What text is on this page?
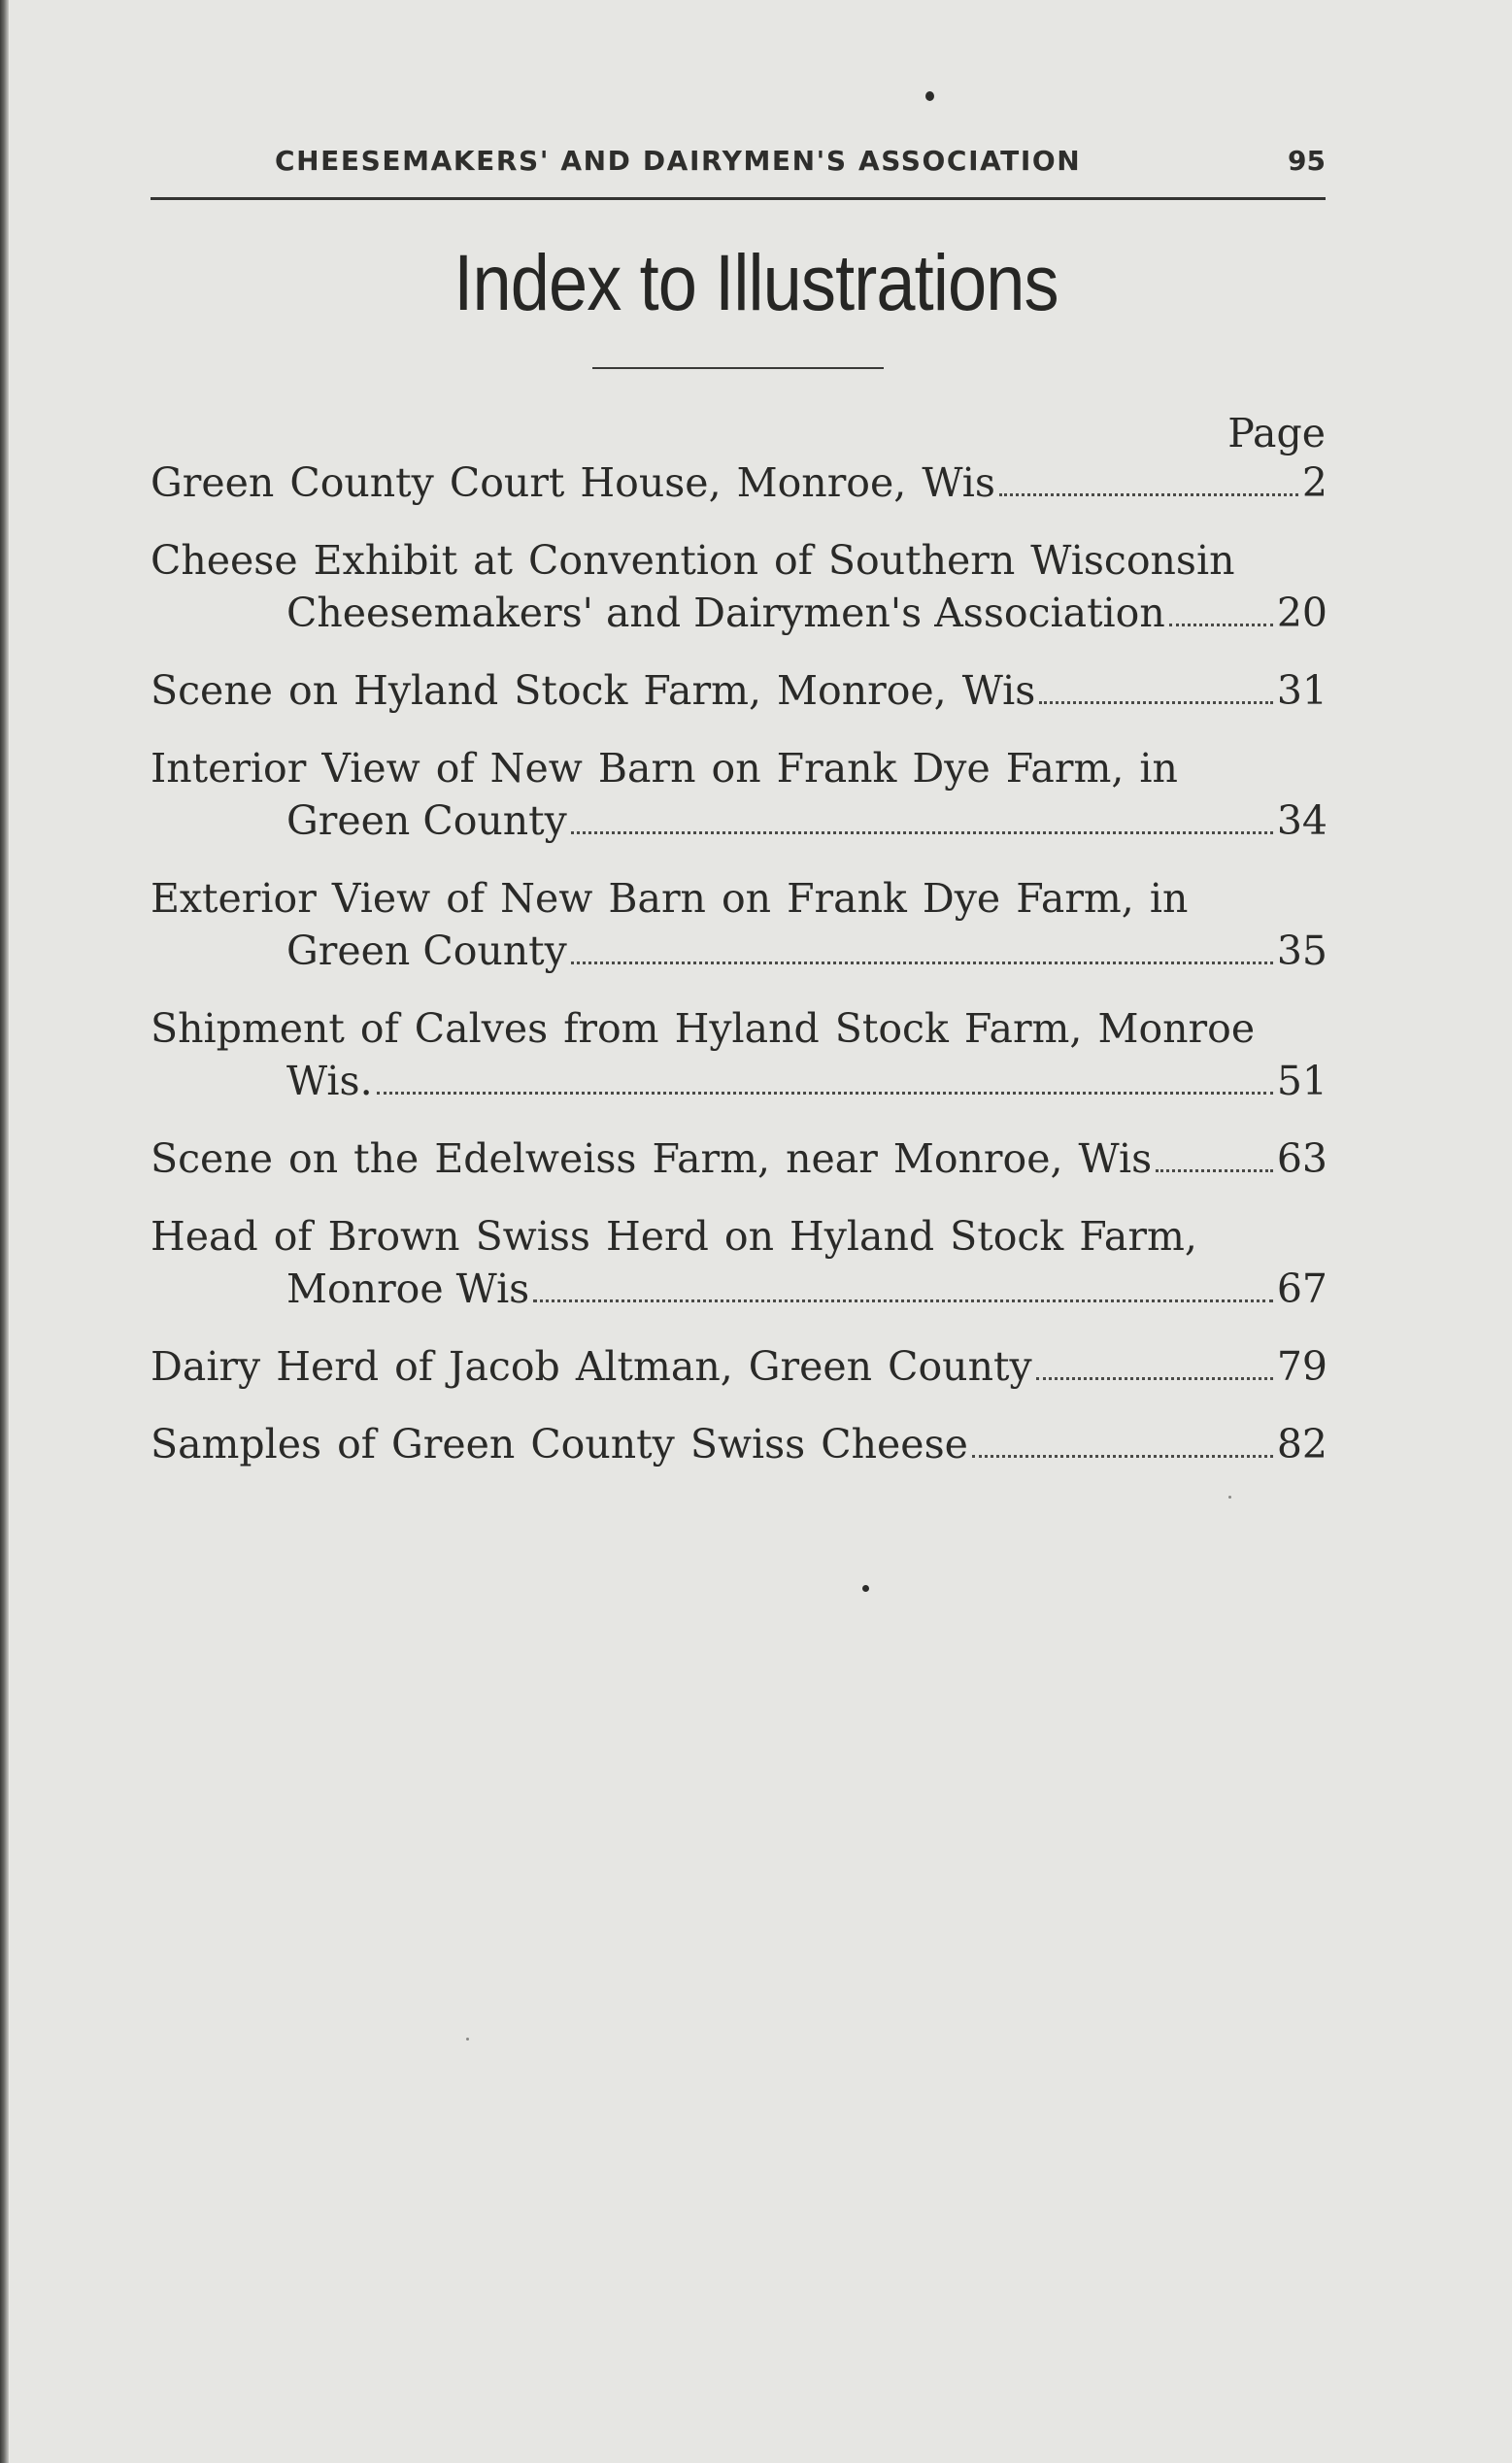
CHEESEMAKERS' AND DAIRYMEN'S ASSOCIATION	95
Index to Illustrations
Page
Green County Court House, Monroe, Wis	2
Cheese Exhibit at Convention of Southern Wisconsin
Cheesemakers' and Dairymen's Association	20
Scene on Hyland Stock Farm, Monroe, Wis	31
Interior View of New Barn on Frank Dye Farm, in
Green County	34
Exterior View of New Barn on Frank Dye Farm, in
Green County	35
Shipment of Calves from Hyland Stock Farm, Monroe
Wis.	51
Scene on the Edelweiss Farm, near Monroe, Wis	63
Head of Brown Swiss Herd on Hyland Stock Farm,
Monroe Wis	67
Dairy Herd of Jacob Altman, Green County	79
Samples of Green County Swiss Cheese	82
